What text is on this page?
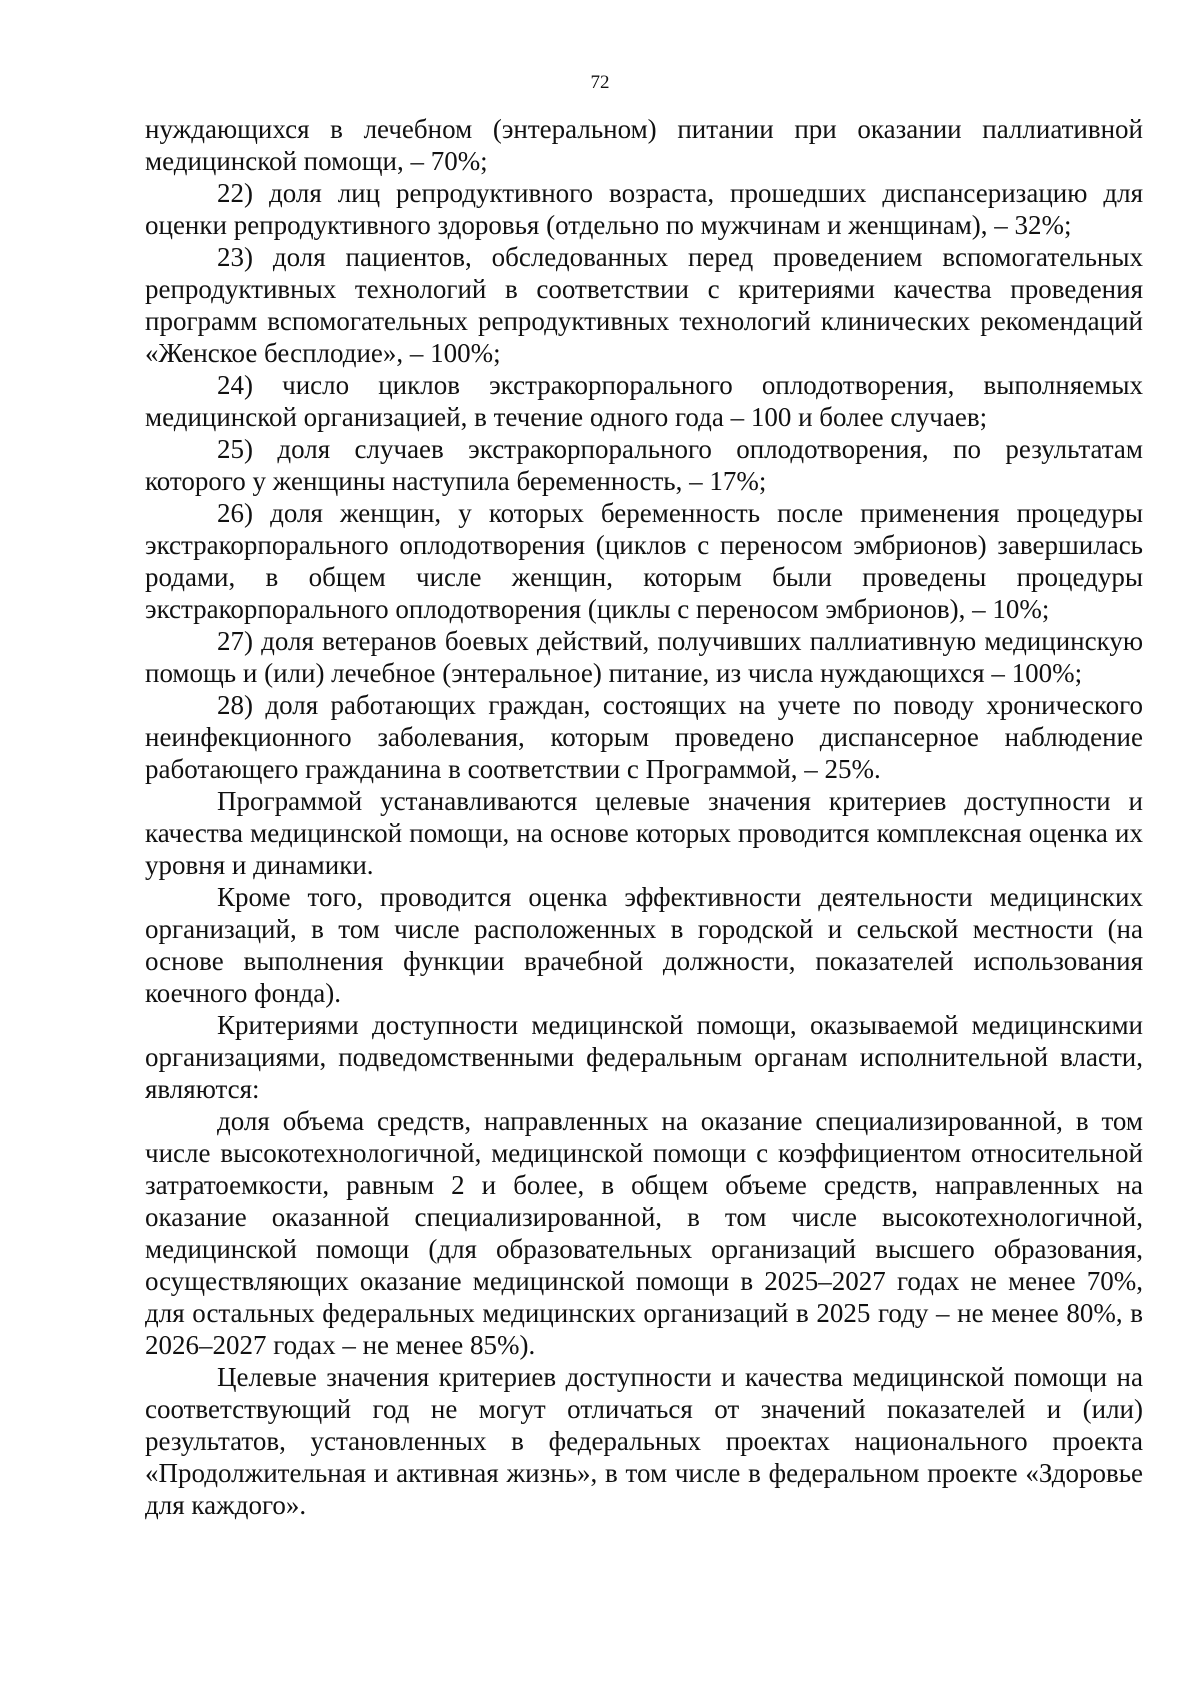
72

нуждающихся в лечебном (энтеральном) питании при оказании паллиативной медицинской помощи, – 70%;

22) доля лиц репродуктивного возраста, прошедших диспансеризацию для оценки репродуктивного здоровья (отдельно по мужчинам и женщинам), – 32%;

23) доля пациентов, обследованных перед проведением вспомогательных репродуктивных технологий в соответствии с критериями качества проведения программ вспомогательных репродуктивных технологий клинических рекомендаций «Женское бесплодие», – 100%;

24) число циклов экстракорпорального оплодотворения, выполняемых медицинской организацией, в течение одного года – 100 и более случаев;

25) доля случаев экстракорпорального оплодотворения, по результатам которого у женщины наступила беременность, – 17%;

26) доля женщин, у которых беременность после применения процедуры экстракорпорального оплодотворения (циклов с переносом эмбрионов) завершилась родами, в общем числе женщин, которым были проведены процедуры экстракорпорального оплодотворения (циклы с переносом эмбрионов), – 10%;

27) доля ветеранов боевых действий, получивших паллиативную медицинскую помощь и (или) лечебное (энтеральное) питание, из числа нуждающихся – 100%;

28) доля работающих граждан, состоящих на учете по поводу хронического неинфекционного заболевания, которым проведено диспансерное наблюдение работающего гражданина в соответствии с Программой, – 25%.

Программой устанавливаются целевые значения критериев доступности и качества медицинской помощи, на основе которых проводится комплексная оценка их уровня и динамики.

Кроме того, проводится оценка эффективности деятельности медицинских организаций, в том числе расположенных в городской и сельской местности (на основе выполнения функции врачебной должности, показателей использования коечного фонда).

Критериями доступности медицинской помощи, оказываемой медицинскими организациями, подведомственными федеральным органам исполнительной власти, являются:

доля объема средств, направленных на оказание специализированной, в том числе высокотехнологичной, медицинской помощи с коэффициентом относительной затратоемкости, равным 2 и более, в общем объеме средств, направленных на оказание оказанной специализированной, в том числе высокотехнологичной, медицинской помощи (для образовательных организаций высшего образования, осуществляющих оказание медицинской помощи в 2025–2027 годах не менее 70%, для остальных федеральных медицинских организаций в 2025 году – не менее 80%, в 2026–2027 годах – не менее 85%).

Целевые значения критериев доступности и качества медицинской помощи на соответствующий год не могут отличаться от значений показателей и (или) результатов, установленных в федеральных проектах национального проекта «Продолжительная и активная жизнь», в том числе в федеральном проекте «Здоровье для каждого».
